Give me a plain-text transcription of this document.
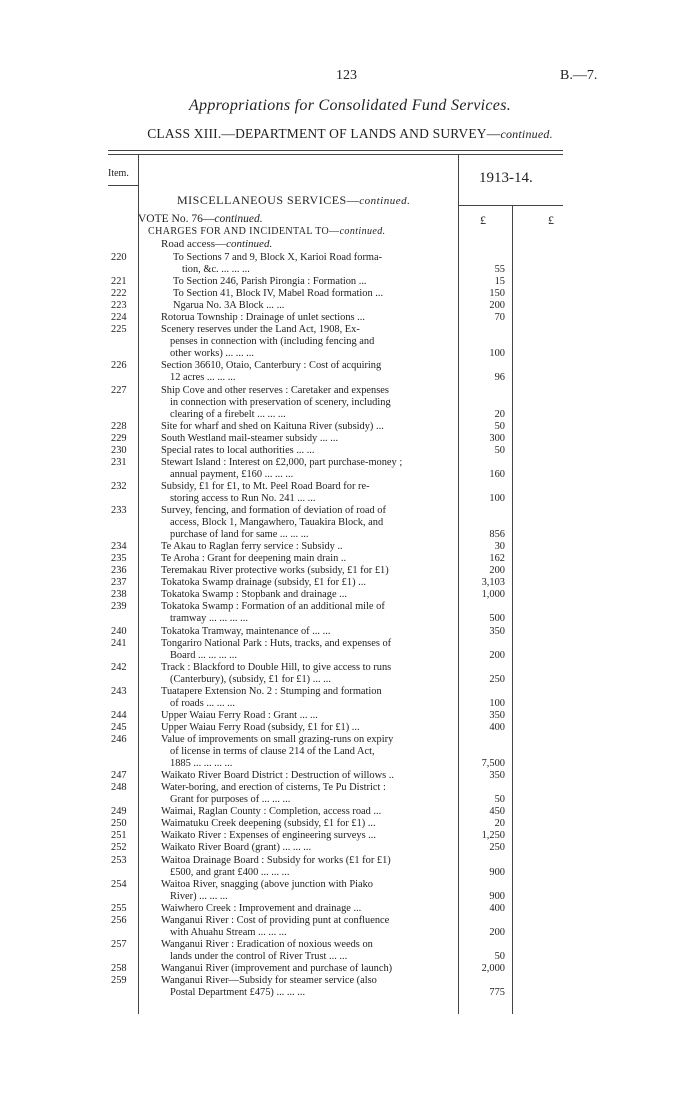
123	B.—7.
Appropriations for Consolidated Fund Services.
CLASS XIII.—DEPARTMENT OF LANDS AND SURVEY—continued.
Item.	1913-14.
MISCELLANEOUS SERVICES—continued.
VOTE No. 76—continued.	£	£
CHARGES FOR AND INCIDENTAL TO—continued.
Road access—continued.
220	To Sections 7 and 9, Block X, Karioi Road forma-
tion, &c. ... ... ...	55
221	To Section 246, Parish Pirongia : Formation ...	15
222	To Section 41, Block IV, Mabel Road formation ...	150
223	Ngarua No. 3A Block ... ...	200
224	Rotorua Township : Drainage of unlet sections ...	70
225	Scenery reserves under the Land Act, 1908, Ex-
penses in connection with (including fencing and
other works) ... ... ...	100
226	Section 36610, Otaio, Canterbury : Cost of acquiring
12 acres ... ... ...	96
227	Ship Cove and other reserves : Caretaker and expenses
in connection with preservation of scenery, including
clearing of a firebelt ... ... ...	20
228	Site for wharf and shed on Kaituna River (subsidy) ...	50
229	South Westland mail-steamer subsidy ... ...	300
230	Special rates to local authorities ... ...	50
231	Stewart Island : Interest on £2,000, part purchase-money ;
annual payment, £160 ... ... ...	160
232	Subsidy, £1 for £1, to Mt. Peel Road Board for re-
storing access to Run No. 241 ... ...	100
233	Survey, fencing, and formation of deviation of road of
access, Block 1, Mangawhero, Tauakira Block, and
purchase of land for same ... ... ...	856
234	Te Akau to Raglan ferry service : Subsidy ..	30
235	Te Aroha : Grant for deepening main drain ..	162
236	Teremakau River protective works (subsidy, £1 for £1)	200
237	Tokatoka Swamp drainage (subsidy, £1 for £1) ...	3,103
238	Tokatoka Swamp : Stopbank and drainage ...	1,000
239	Tokatoka Swamp : Formation of an additional mile of
tramway ... ... ... ...	500
240	Tokatoka Tramway, maintenance of ... ...	350
241	Tongariro National Park : Huts, tracks, and expenses of
Board ... ... ... ...	200
242	Track : Blackford to Double Hill, to give access to runs
(Canterbury), (subsidy, £1 for £1) ... ...	250
243	Tuatapere Extension No. 2 : Stumping and formation
of roads ... ... ...	100
244	Upper Waiau Ferry Road : Grant ... ...	350
245	Upper Waiau Ferry Road (subsidy, £1 for £1) ...	400
246	Value of improvements on small grazing-runs on expiry
of license in terms of clause 214 of the Land Act,
1885 ... ... ... ...	7,500
247	Waikato River Board District : Destruction of willows ..	350
248	Water-boring, and erection of cisterns, Te Pu District :
Grant for purposes of ... ... ...	50
249	Waimai, Raglan County : Completion, access road ...	450
250	Waimatuku Creek deepening (subsidy, £1 for £1) ...	20
251	Waikato River : Expenses of engineering surveys ...	1,250
252	Waikato River Board (grant) ... ... ...	250
253	Waitoa Drainage Board : Subsidy for works (£1 for £1)
£500, and grant £400 ... ... ...	900
254	Waitoa River, snagging (above junction with Piako
River) ... ... ...	900
255	Waiwhero Creek : Improvement and drainage ...	400
256	Wanganui River : Cost of providing punt at confluence
with Ahuahu Stream ... ... ...	200
257	Wanganui River : Eradication of noxious weeds on
lands under the control of River Trust ... ...	50
258	Wanganui River (improvement and purchase of launch)	2,000
259	Wanganui River—Subsidy for steamer service (also
Postal Department £475) ... ... ...	775
